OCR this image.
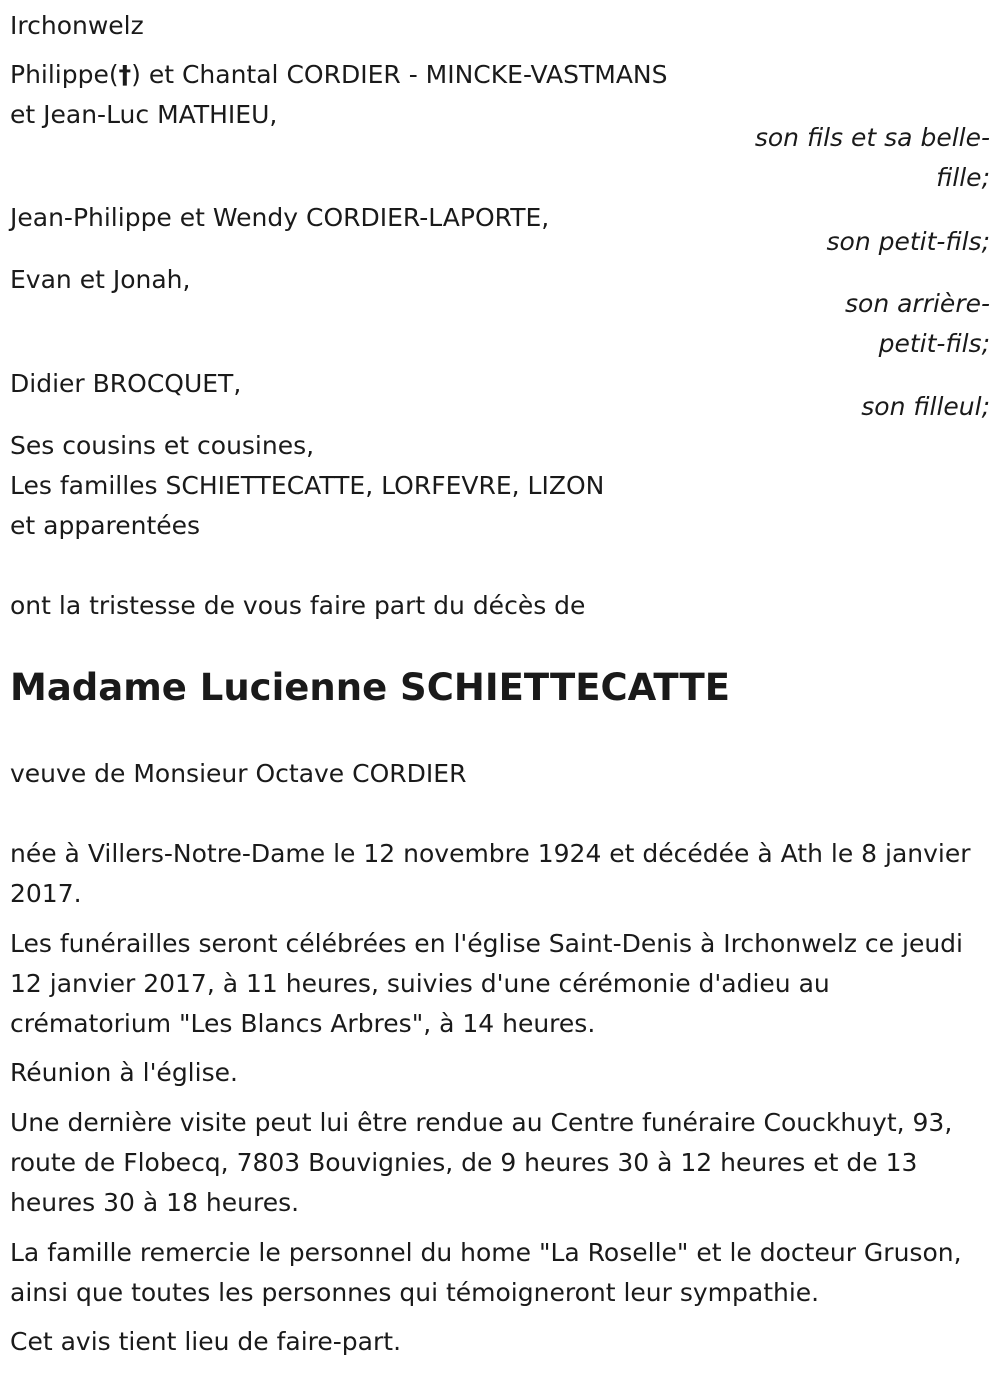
Irchonwelz
Philippe(†) et Chantal CORDIER - MINCKE-VASTMANS
et Jean-Luc MATHIEU,
son fils et sa belle-
fille;
Jean-Philippe et Wendy CORDIER-LAPORTE,
son petit-fils;
Evan et Jonah,
son arrière-
petit-fils;
Didier BROCQUET,
son filleul;
Ses cousins et cousines,
Les familles SCHIETTECATTE, LORFEVRE, LIZON
et apparentées
ont la tristesse de vous faire part du décès de
Madame Lucienne SCHIETTECATTE
veuve de Monsieur Octave CORDIER
née à Villers-Notre-Dame le 12 novembre 1924 et décédée à Ath le 8 janvier 2017.
Les funérailles seront célébrées en l'église Saint-Denis à Irchonwelz ce jeudi 12 janvier 2017, à 11 heures, suivies d'une cérémonie d'adieu au crématorium "Les Blancs Arbres", à 14 heures.
Réunion à l'église.
Une dernière visite peut lui être rendue au Centre funéraire Couckhuyt, 93, route de Flobecq, 7803 Bouvignies, de 9 heures 30 à 12 heures et de 13 heures 30 à 18 heures.
La famille remercie le personnel du home "La Roselle" et le docteur Gruson, ainsi que toutes les personnes qui témoigneront leur sympathie.
Cet avis tient lieu de faire-part.
